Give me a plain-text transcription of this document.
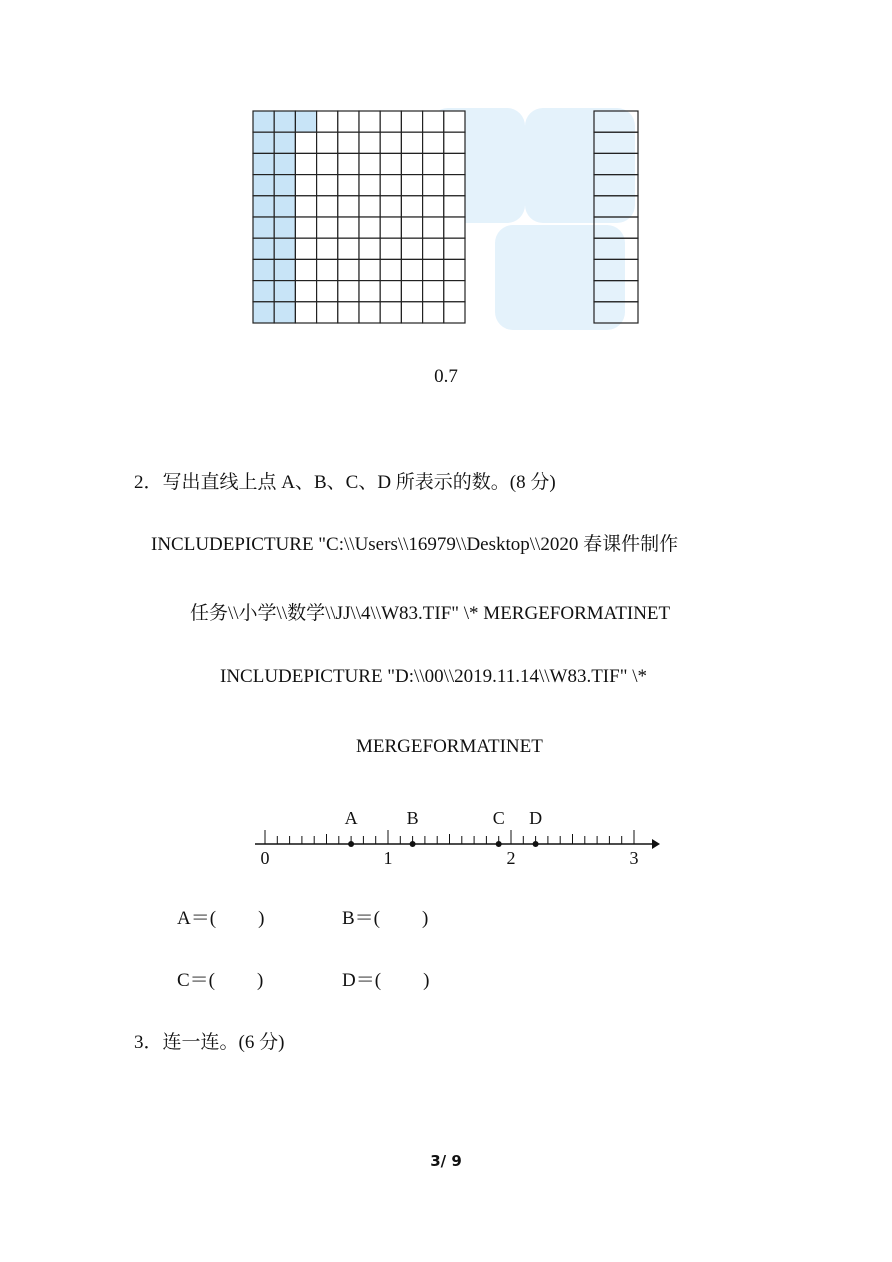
0.7
2．写出直线上点 A、B、C、D 所表示的数。(8 分)
INCLUDEPICTURE "C:\\Users\\16979\\Desktop\\2020 春课件制作
任务\\小学\\数学\\JJ\\4\\W83.TIF" \* MERGEFORMATINET
INCLUDEPICTURE "D:\\00\\2019.11.14\\W83.TIF" \*
MERGEFORMATINET
0	1	2	3
A	B	C D
A＝( )	B＝( )
C＝( )	D＝( )
3．连一连。(6 分)
3/ 9
